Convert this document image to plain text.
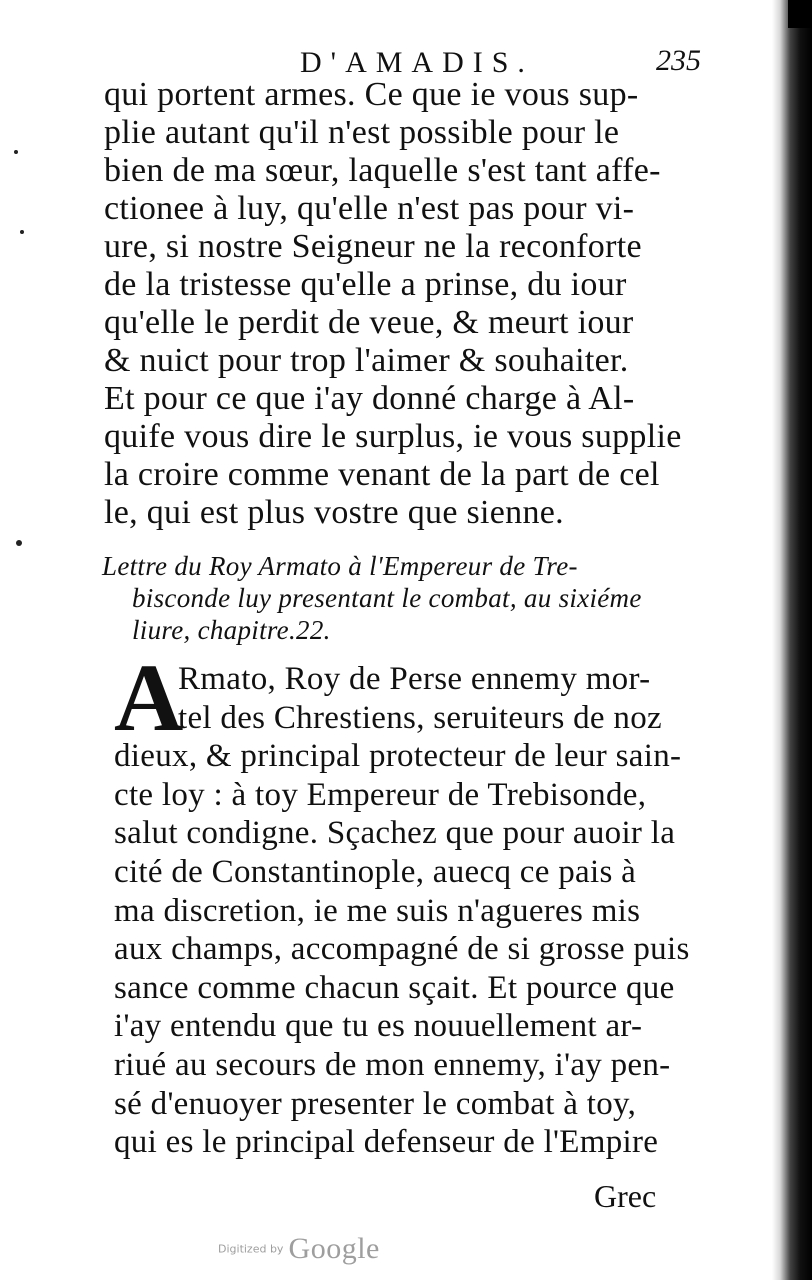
D'AMADIS.	235
qui portent armes. Ce que ie vous sup-
plie autant qu'il n'est possible pour le
bien de ma sœur, laquelle s'est tant affe-
ctionee à luy, qu'elle n'est pas pour vi-
ure, si nostre Seigneur ne la reconforte
de la tristesse qu'elle a prinse, du iour
qu'elle le perdit de veue, & meurt iour
& nuict pour trop l'aimer & souhaiter.
Et pour ce que i'ay donné charge à Al-
quife vous dire le surplus, ie vous supplie
la croire comme venant de la part de cel
le, qui est plus vostre que sienne.
Lettre du Roy Armato à l'Empereur de Tre-
bisconde luy presentant le combat, au sixiéme
liure, chapitre.22.
A
Rmato, Roy de Perse ennemy mor-
tel des Chrestiens, seruiteurs de noz
dieux, & principal protecteur de leur sain-
cte loy : à toy Empereur de Trebisonde,
salut condigne. Sçachez que pour auoir la
cité de Constantinople, auecq ce pais à
ma discretion, ie me suis n'agueres mis
aux champs, accompagné de si grosse puis
sance comme chacun sçait. Et pource que
i'ay entendu que tu es nouuellement ar-
riué au secours de mon ennemy, i'ay pen-
sé d'enuoyer presenter le combat à toy,
qui es le principal defenseur de l'Empire
Grec
Digitized by Google
